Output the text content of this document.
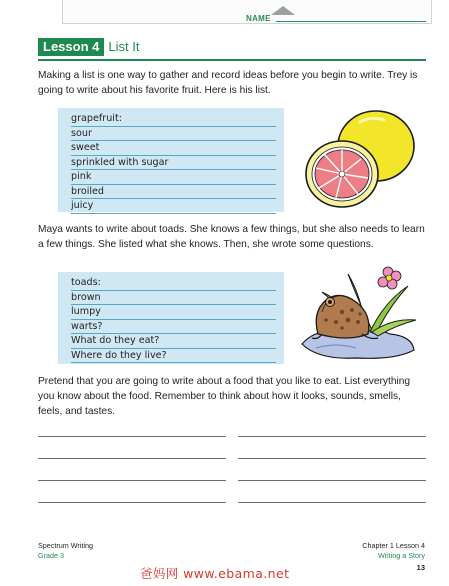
NAME
Lesson 4 List It

Making a list is one way to gather and record ideas before you begin to write. Trey is going to write about his favorite fruit. Here is his list.

grapefruit:
sour
sweet
sprinkled with sugar
pink
broiled
juicy

Maya wants to write about toads. She knows a few things, but she also needs to learn a few things. She listed what she knows. Then, she wrote some questions.

toads:
brown
lumpy
warts?
What do they eat?
Where do they live?

Pretend that you are going to write about a food that you like to eat. List everything you know about the food. Remember to think about how it looks, sounds, smells, feels, and tastes.

Spectrum Writing
Grade 3
Chapter 1 Lesson 4
Writing a Story
13
爸妈网 www.ebama.net
